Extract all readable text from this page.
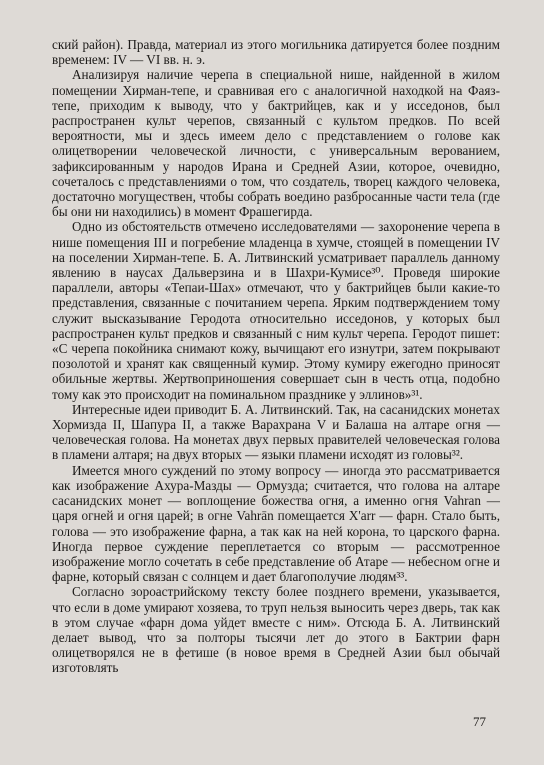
ский район). Правда, материал из этого могильника датируется более поздним временем: IV — VI вв. н. э.

Анализируя наличие черепа в специальной нише, найденной в жилом помещении Хирман-тепе, и сравнивая его с аналогичной находкой на Фаяз-тепе, приходим к выводу, что у бактрийцев, как и у исседонов, был распространен культ черепов, связанный с культом предков. По всей вероятности, мы и здесь имеем дело с представлением о голове как олицетворении человеческой личности, с универсальным верованием, зафиксированным у народов Ирана и Средней Азии, которое, очевидно, сочеталось с представлениями о том, что создатель, творец каждого человека, достаточно могуществен, чтобы собрать воедино разбросанные части тела (где бы они ни находились) в момент Фрашегирда.

Одно из обстоятельств отмечено исследователями — захоронение черепа в нише помещения III и погребение младенца в хумче, стоящей в помещении IV на поселении Хирман-тепе. Б. А. Литвинский усматривает параллель данному явлению в наусах Дальверзина и в Шахри-Кумисе³⁰. Проведя широкие параллели, авторы «Тепаи-Шах» отмечают, что у бактрийцев были какие-то представления, связанные с почитанием черепа. Ярким подтверждением тому служит высказывание Геродота относительно исседонов, у которых был распространен культ предков и связанный с ним культ черепа. Геродот пишет: «С черепа покойника снимают кожу, вычищают его изнутри, затем покрывают позолотой и хранят как священный кумир. Этому кумиру ежегодно приносят обильные жертвы. Жертвоприношения совершает сын в честь отца, подобно тому как это происходит на поминальном празднике у эллинов»³¹.

Интересные идеи приводит Б. А. Литвинский. Так, на сасанидских монетах Хормизда II, Шапура II, а также Варахрана V и Балаша на алтаре огня — человеческая голова. На монетах двух первых правителей человеческая голова в пламени алтаря; на двух вторых — языки пламени исходят из головы³².

Имеется много суждений по этому вопросу — иногда это рассматривается как изображение Ахура-Мазды — Ормузда; считается, что голова на алтаре сасанидских монет — воплощение божества огня, а именно огня Vahran — царя огней и огня царей; в огне Vahrān помещается X'arr — фарн. Стало быть, голова — это изображение фарна, а так как на ней корона, то царского фарна. Иногда первое суждение переплетается со вторым — рассмотренное изображение могло сочетать в себе представление об Атаре — небесном огне и фарне, который связан с солнцем и дает благополучие людям³³.

Согласно зороастрийскому тексту более позднего времени, указывается, что если в доме умирают хозяева, то труп нельзя выносить через дверь, так как в этом случае «фарн дома уйдет вместе с ним». Отсюда Б. А. Литвинский делает вывод, что за полторы тысячи лет до этого в Бактрии фарн олицетворялся не в фетише (в новое время в Средней Азии был обычай изготовлять

77
